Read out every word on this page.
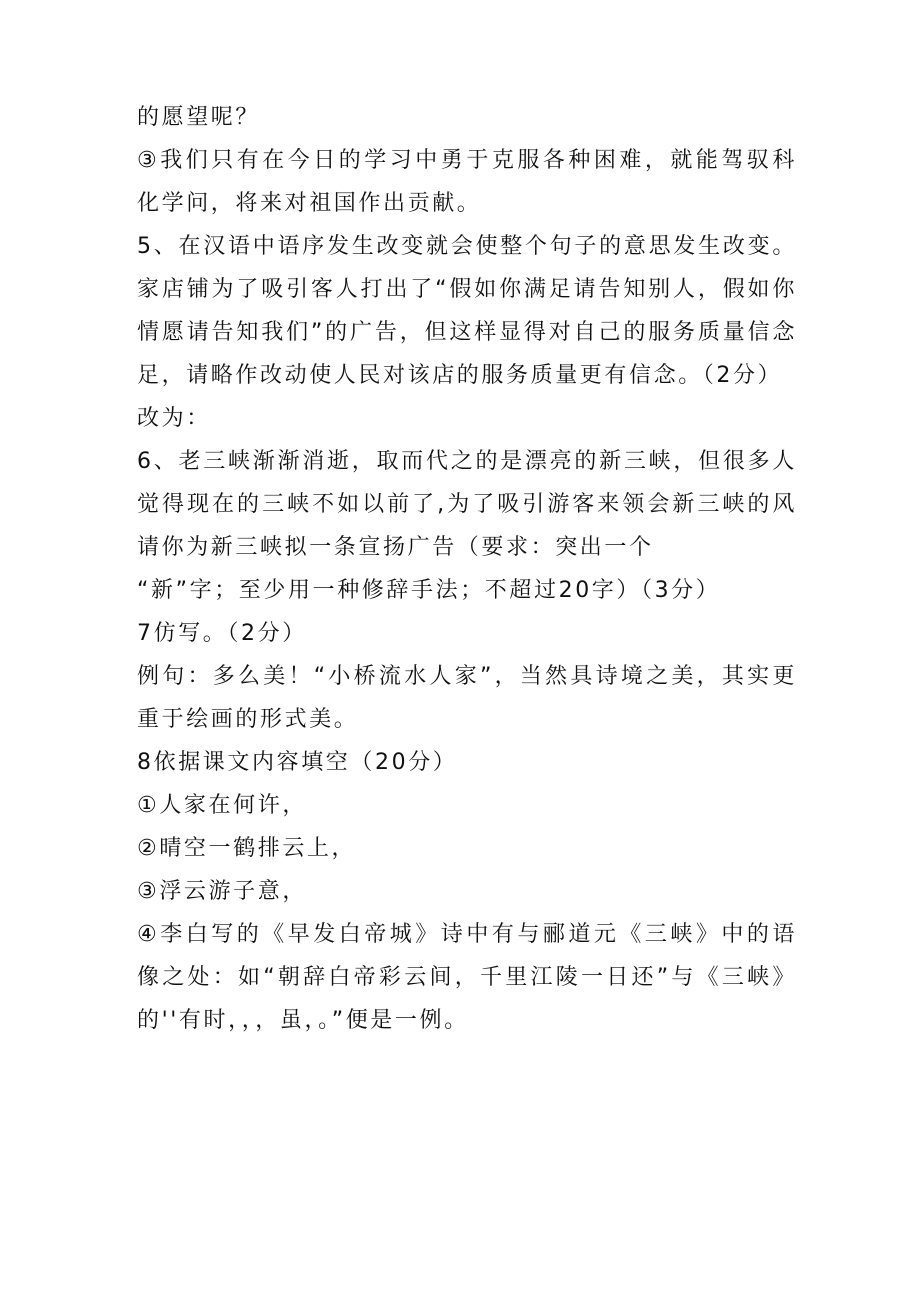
的愿望呢？
③我们只有在今日的学习中勇于克服各种困难，就能驾驭科
化学问，将来对祖国作出贡献。
5、在汉语中语序发生改变就会使整个句子的意思发生改变。
家店铺为了吸引客人打出了“假如你满足请告知别人，假如你
情愿请告知我们”的广告，但这样显得对自己的服务质量信念
足，请略作改动使人民对该店的服务质量更有信念。（2分）
改为：
6、老三峡渐渐消逝，取而代之的是漂亮的新三峡，但很多人
觉得现在的三峡不如以前了,为了吸引游客来领会新三峡的风
请你为新三峡拟一条宣扬广告（要求：突出一个
“新”字；至少用一种修辞手法；不超过20字）（3分）
7仿写。（2分）
例句：多么美！“小桥流水人家”，当然具诗境之美，其实更
重于绘画的形式美。
8依据课文内容填空（20分）
①人家在何许，
②晴空一鹤排云上，
③浮云游子意，
④李白写的《早发白帝城》诗中有与郦道元《三峡》中的语
像之处：如“朝辞白帝彩云间，千里江陵一日还”与《三峡》
的''有时，，，虽，。”便是一例。
